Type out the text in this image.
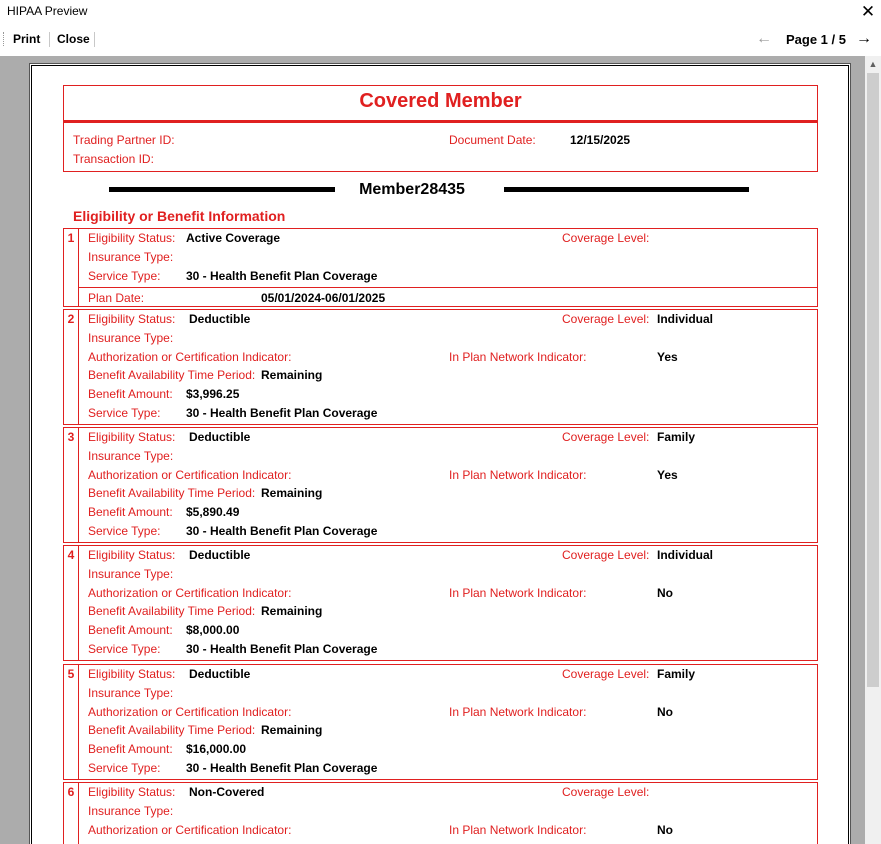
HIPAA Preview	✕
Print Close	← Page 1 / 5 →
Covered Member
Trading Partner ID:	Document Date:	12/15/2025
Transaction ID:
Member28435
Eligibility or Benefit Information
1	Eligibility Status: Active Coverage	Coverage Level:
Insurance Type:
Service Type: 30 - Health Benefit Plan Coverage
Plan Date:	05/01/2024-06/01/2025
2	Eligibility Status: Deductible	Coverage Level: Individual
Insurance Type:
Authorization or Certification Indicator:	In Plan Network Indicator:	Yes
Benefit Availability Time Period: Remaining
Benefit Amount: $3,996.25
Service Type: 30 - Health Benefit Plan Coverage
3	Eligibility Status: Deductible	Coverage Level: Family
Insurance Type:
Authorization or Certification Indicator:	In Plan Network Indicator:	Yes
Benefit Availability Time Period: Remaining
Benefit Amount: $5,890.49
Service Type: 30 - Health Benefit Plan Coverage
4	Eligibility Status: Deductible	Coverage Level: Individual
Insurance Type:
Authorization or Certification Indicator:	In Plan Network Indicator:	No
Benefit Availability Time Period: Remaining
Benefit Amount: $8,000.00
Service Type: 30 - Health Benefit Plan Coverage
5	Eligibility Status: Deductible	Coverage Level: Family
Insurance Type:
Authorization or Certification Indicator:	In Plan Network Indicator:	No
Benefit Availability Time Period: Remaining
Benefit Amount: $16,000.00
Service Type: 30 - Health Benefit Plan Coverage
6	Eligibility Status: Non-Covered	Coverage Level:
Insurance Type:
Authorization or Certification Indicator:	In Plan Network Indicator:	No
▲
